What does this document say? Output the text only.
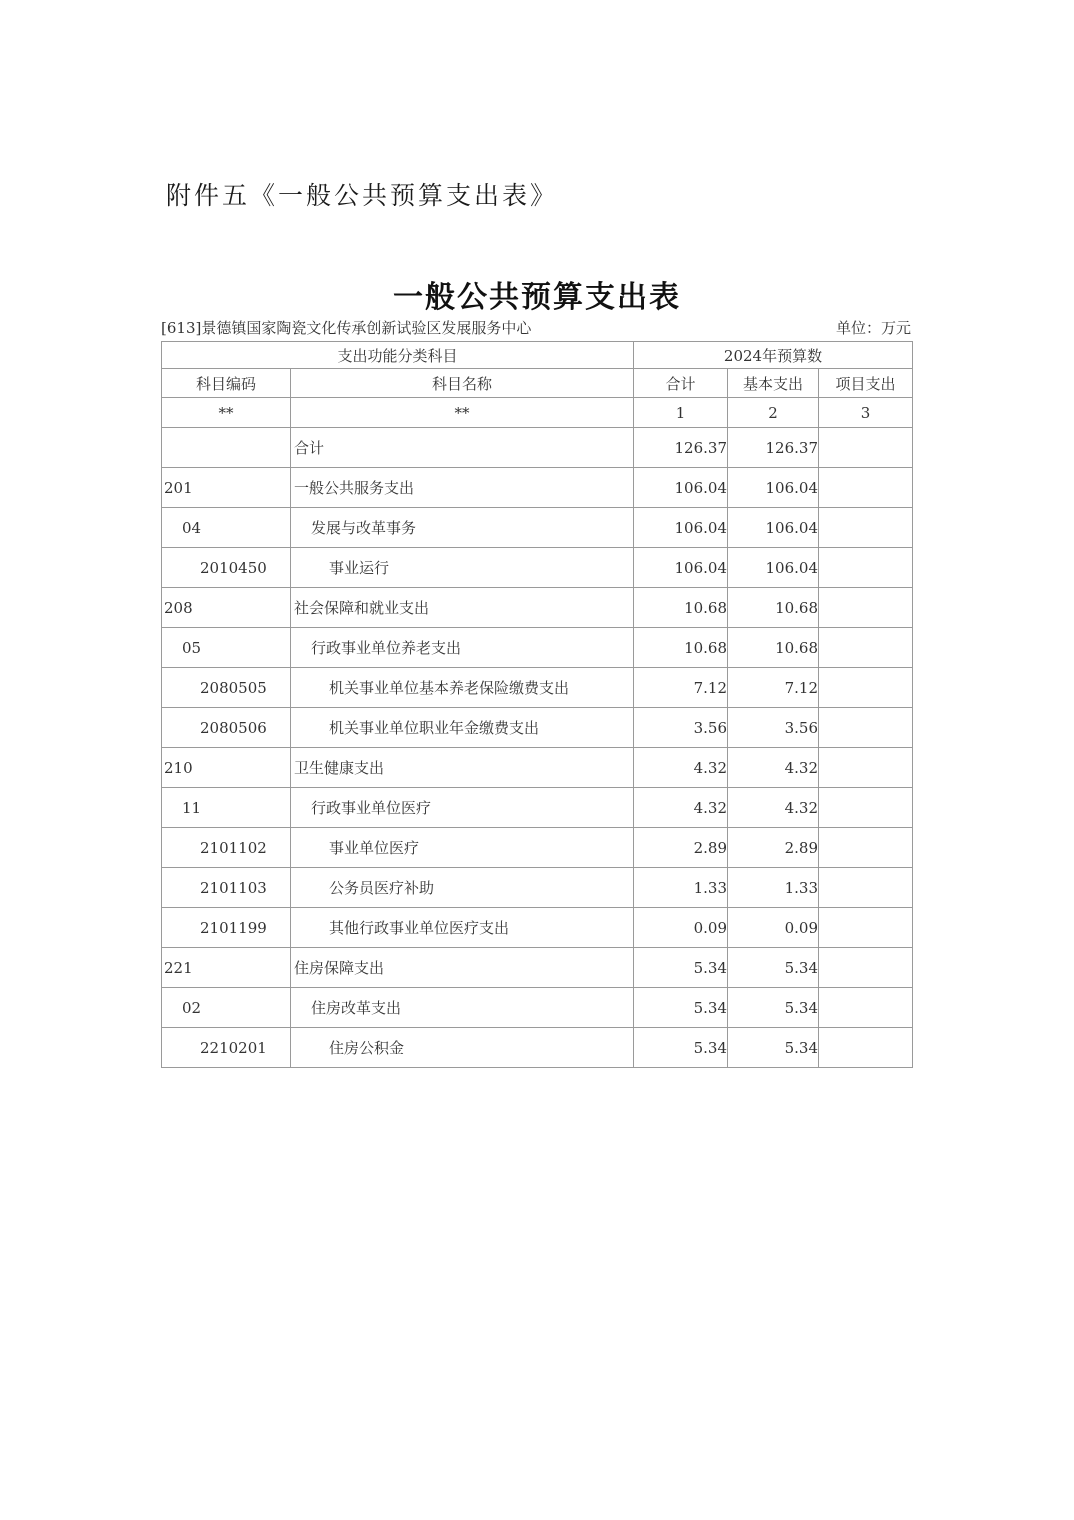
附件五《一般公共预算支出表》
一般公共预算支出表
[613]景德镇国家陶瓷文化传承创新试验区发展服务中心	单位：万元
支出功能分类科目		2024年预算数		
科目编码	科目名称	合计	基本支出	项目支出
**	**	1	2	3
	合计	126.37	126.37	
201	一般公共服务支出	106.04	106.04	
04	发展与改革事务	106.04	106.04	
2010450	事业运行	106.04	106.04	
208	社会保障和就业支出	10.68	10.68	
05	行政事业单位养老支出	10.68	10.68	
2080505	机关事业单位基本养老保险缴费支出	7.12	7.12	
2080506	机关事业单位职业年金缴费支出	3.56	3.56	
210	卫生健康支出	4.32	4.32	
11	行政事业单位医疗	4.32	4.32	
2101102	事业单位医疗	2.89	2.89	
2101103	公务员医疗补助	1.33	1.33	
2101199	其他行政事业单位医疗支出	0.09	0.09	
221	住房保障支出	5.34	5.34	
02	住房改革支出	5.34	5.34	
2210201	住房公积金	5.34	5.34	
